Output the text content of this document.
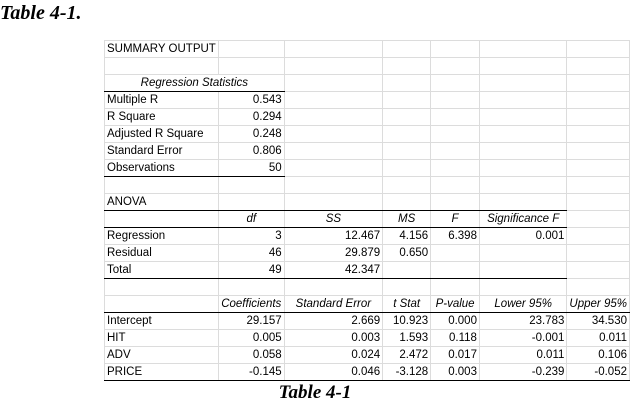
Table 4-1.
SUMMARY OUTPUT						

Regression Statistics						
Multiple R	0.543					
R Square	0.294					
Adjusted R Square	0.248					
Standard Error	0.806					
Observations	50					

ANOVA						
	df	SS	MS	F	Significance F	
Regression	3	12.467	4.156	6.398	0.001	
Residual	46	29.879	0.650			
Total	49	42.347				

	Coefficients	Standard Error	t Stat	P-value	Lower 95%	Upper 95%
Intercept	29.157	2.669	10.923	0.000	23.783	34.530
HIT	0.005	0.003	1.593	0.118	-0.001	0.011
ADV	0.058	0.024	2.472	0.017	0.011	0.106
PRICE	-0.145	0.046	-3.128	0.003	-0.239	-0.052
Table 4-1
